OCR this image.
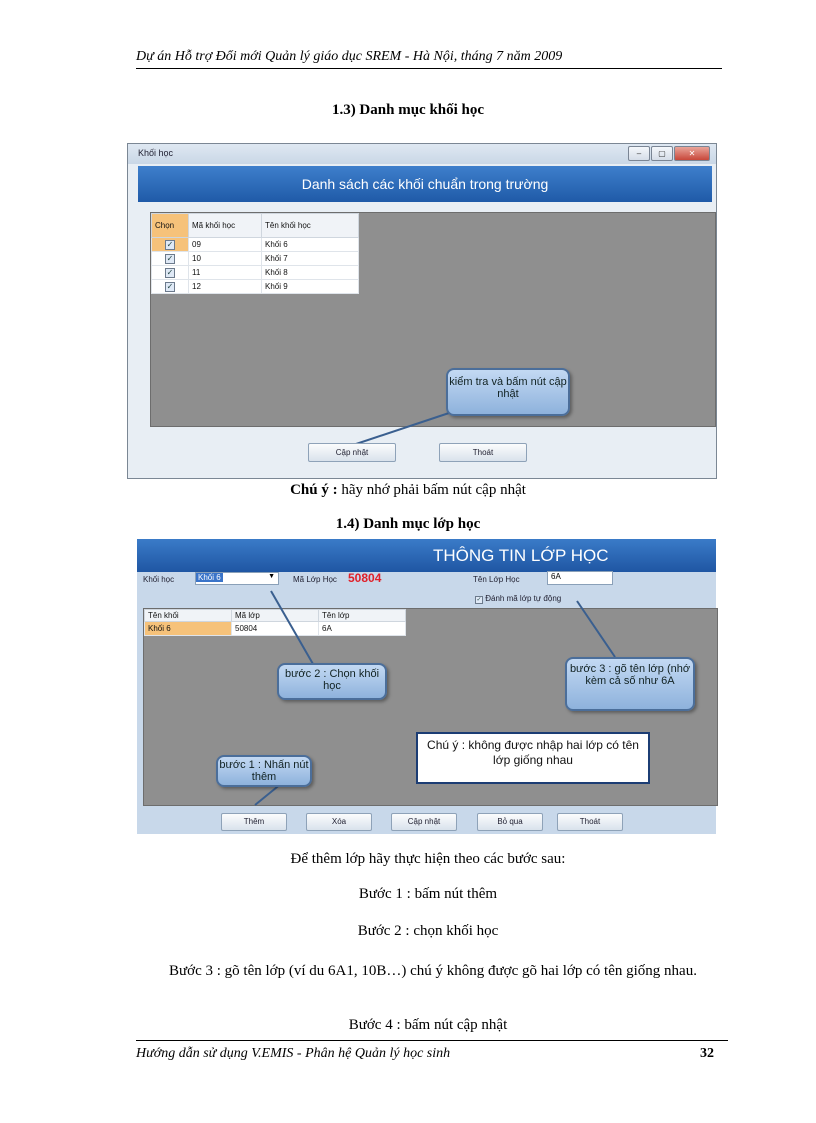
Dự án Hỗ trợ Đổi mới Quản lý giáo dục SREM - Hà Nội, tháng 7 năm 2009
1.3) Danh mục khối học
Khối học	–	▢	✕
Danh sách các khối chuẩn trong trường
Chọn	Mã khối học	Tên khối học
✓	09	Khối 6
✓	10	Khối 7
✓	11	Khối 8
✓	12	Khối 9
kiểm tra và bấm nút cập nhật
Cập nhật	Thoát
Chú ý : hãy nhớ phải bấm nút cập nhật
1.4) Danh mục lớp học
THÔNG TIN LỚP HỌC
Khối học	Khối 6	▼ Mã Lớp Học 50804	Tên Lớp Học	6A
✓ Đánh mã lớp tự động
Tên khối	Mã lớp	Tên lớp
Khối 6	50804	6A
bước 2 : Chọn khối học
bước 3 : gõ tên lớp (nhớ kèm cả số như 6A
bước 1 : Nhấn nút thêm
Chú ý : không được nhập hai lớp có tên lớp giống nhau
Thêm	Xóa	Cập nhật	Bỏ qua	Thoát
Để thêm lớp hãy thực hiện theo các bước sau:
Bước 1 : bấm nút thêm
Bước 2 : chọn khối học
Bước 3 : gõ tên lớp (ví du 6A1, 10B…) chú ý không được gõ hai lớp có tên giống nhau.
Bước 4 : bấm nút cập nhật
Hướng dẫn sử dụng V.EMIS - Phân hệ Quản lý học sinh	32
